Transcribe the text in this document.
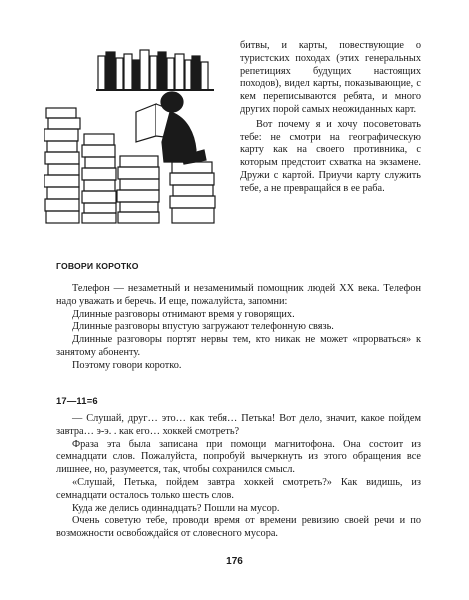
битвы, и карты, повествующие о туристских походах (этих генеральных репетициях будущих настоящих походов), видел карты, показывающие, с кем переписываются ребята, и много других порой самых неожиданных карт.

Вот почему я и хочу посоветовать тебе: не смотри на географическую карту как на своего противника, с которым предстоит схватка на экзамене. Дружи с картой. Приучи карту служить тебе, а не превращайся в ее раба.

ГОВОРИ КОРОТКО

Телефон — незаметный и незаменимый помощник людей XX века. Телефон надо уважать и беречь. И еще, пожалуйста, запомни:

Длинные разговоры отнимают время у говорящих.

Длинные разговоры впустую загружают телефонную связь.

Длинные разговоры портят нервы тем, кто никак не может «прорваться» к занятому абоненту.

Поэтому говори коротко.

17—11=6

— Слушай, друг… это… как тебя… Петька! Вот дело, значит, какое пойдем завтра… э-э. . как его… хоккей смотреть?

Фраза эта была записана при помощи магнитофона. Она состоит из семнадцати слов. Пожалуйста, попробуй вычеркнуть из этого обращения все лишнее, но, разумеется, так, чтобы сохранился смысл.

«Слушай, Петька, пойдем завтра хоккей смотреть?» Как видишь, из семнадцати осталось только шесть слов.

Куда же делись одиннадцать? Пошли на мусор.

Очень советую тебе, проводи время от времени ревизию своей речи и по возможности освобождайся от словесного мусора.

176
